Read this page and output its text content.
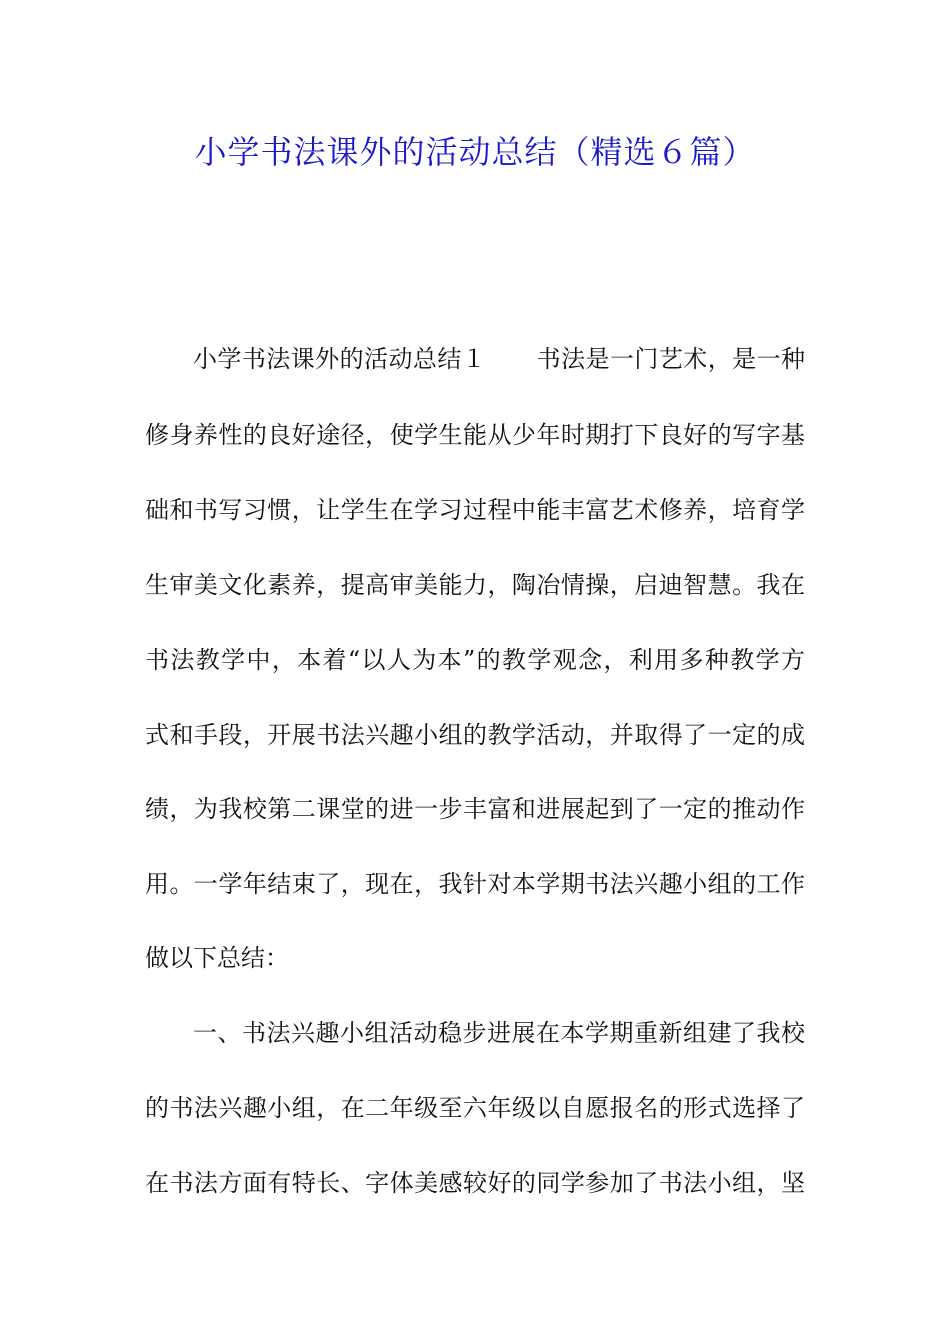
小学书法课外的活动总结（精选６篇）
小学书法课外的活动总结１ 书法是一门艺术，是一种
修身养性的良好途径，使学生能从少年时期打下良好的写字基
础和书写习惯，让学生在学习过程中能丰富艺术修养，培育学
生审美文化素养，提高审美能力，陶冶情操，启迪智慧。我在
书法教学中，本着“以人为本”的教学观念，利用多种教学方
式和手段，开展书法兴趣小组的教学活动，并取得了一定的成
绩，为我校第二课堂的进一步丰富和进展起到了一定的推动作
用。一学年结束了，现在，我针对本学期书法兴趣小组的工作
做以下总结：
一、书法兴趣小组活动稳步进展在本学期重新组建了我校
的书法兴趣小组，在二年级至六年级以自愿报名的形式选择了
在书法方面有特长、字体美感较好的同学参加了书法小组，坚
